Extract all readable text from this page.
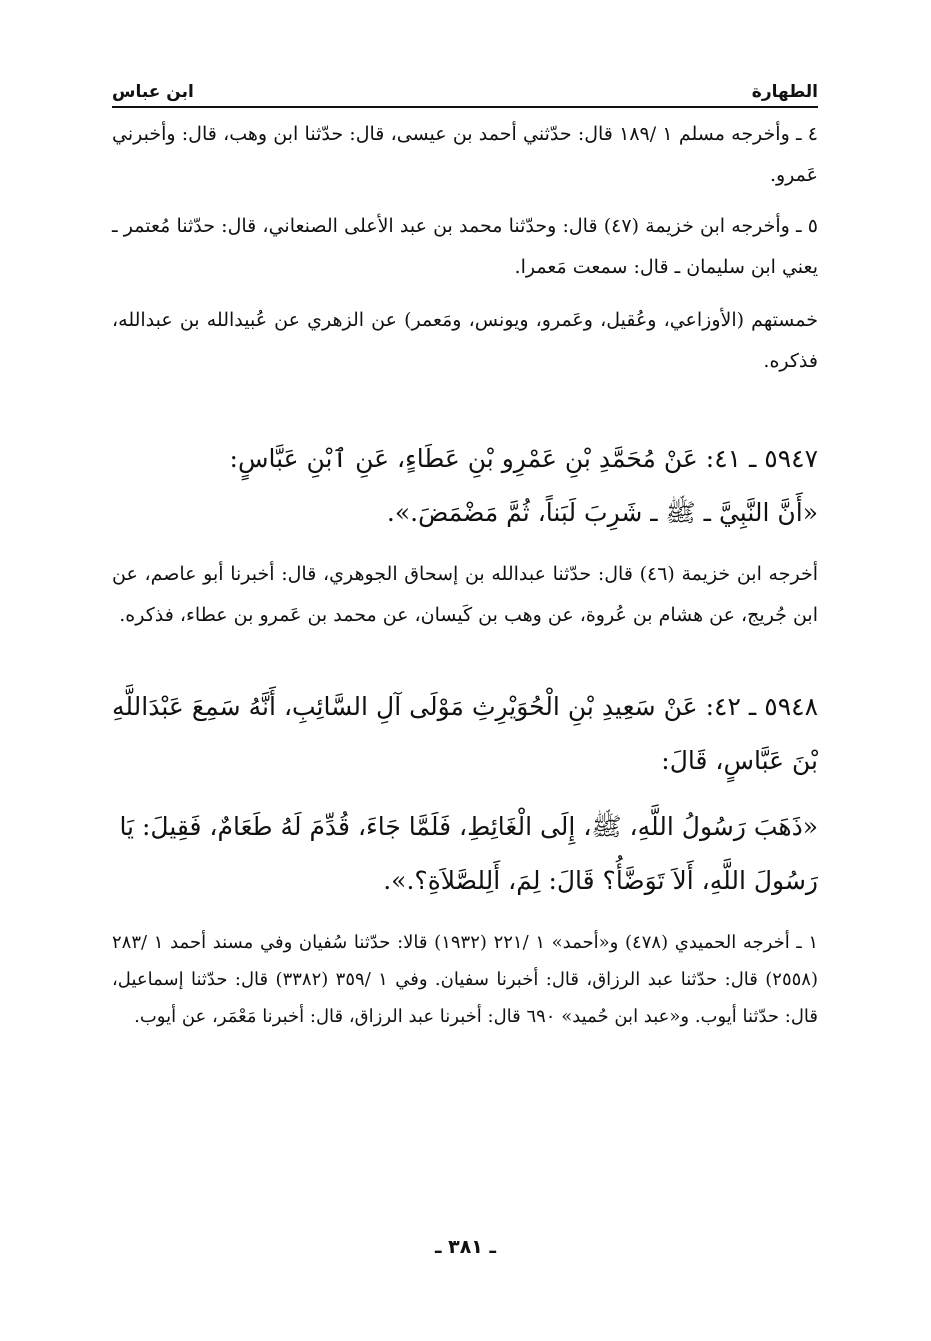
الطهارة
ابن عباس

٤ ـ وأخرجه مسلم ١ /١٨٩ قال: حدّثني أحمد بن عيسى، قال: حدّثنا ابن وهب، قال: وأخبرني عَمرو.

٥ ـ وأخرجه ابن خزيمة (٤٧) قال: وحدّثنا محمد بن عبد الأعلى الصنعاني، قال: حدّثنا مُعتمر ـ يعني ابن سليمان ـ قال: سمعت مَعمرا.

خمستهم (الأوزاعي، وعُقيل، وعَمرو، ويونس، ومَعمر) عن الزهري عن عُبيدالله بن عبدالله، فذكره.

٥٩٤٧ ـ ٤١: عَنْ مُحَمَّدِ بْنِ عَمْرِو بْنِ عَطَاءٍ، عَنِ ٱبْنِ عَبَّاسٍ:

«أَنَّ النَّبِيَّ ـ ﷺ ـ شَرِبَ لَبَناً، ثُمَّ مَضْمَضَ.».

أخرجه ابن خزيمة (٤٦) قال: حدّثنا عبدالله بن إسحاق الجوهري، قال: أخبرنا أبو عاصم، عن ابن جُريج، عن هشام بن عُروة، عن وهب بن كَيسان، عن محمد بن عَمرو بن عطاء، فذكره.

٥٩٤٨ ـ ٤٢: عَنْ سَعِيدِ بْنِ الْحُوَيْرِثِ مَوْلَى آلِ السَّائِبِ، أَنَّهُ سَمِعَ عَبْدَاللَّهِ بْنَ عَبَّاسٍ، قَالَ:

«ذَهَبَ رَسُولُ اللَّهِ، ﷺ، إِلَى الْغَائِطِ، فَلَمَّا جَاءَ، قُدِّمَ لَهُ طَعَامٌ، فَقِيلَ: يَا رَسُولَ اللَّهِ، أَلاَ تَوَضَّأُ؟ قَالَ: لِمَ، أَلِلصَّلاَةِ؟.».

١ ـ أخرجه الحميدي (٤٧٨) و«أحمد» ١ /٢٢١ (١٩٣٢) قالا: حدّثنا سُفيان وفي مسند أحمد ١ /٢٨٣ (٢٥٥٨) قال: حدّثنا عبد الرزاق، قال: أخبرنا سفيان. وفي ١ /٣٥٩ (٣٣٨٢) قال: حدّثنا إسماعيل، قال: حدّثنا أيوب. و«عبد ابن حُميد» ٦٩٠ قال: أخبرنا عبد الرزاق، قال: أخبرنا مَعْمَر، عن أيوب.

ـ ٣٨١ ـ
